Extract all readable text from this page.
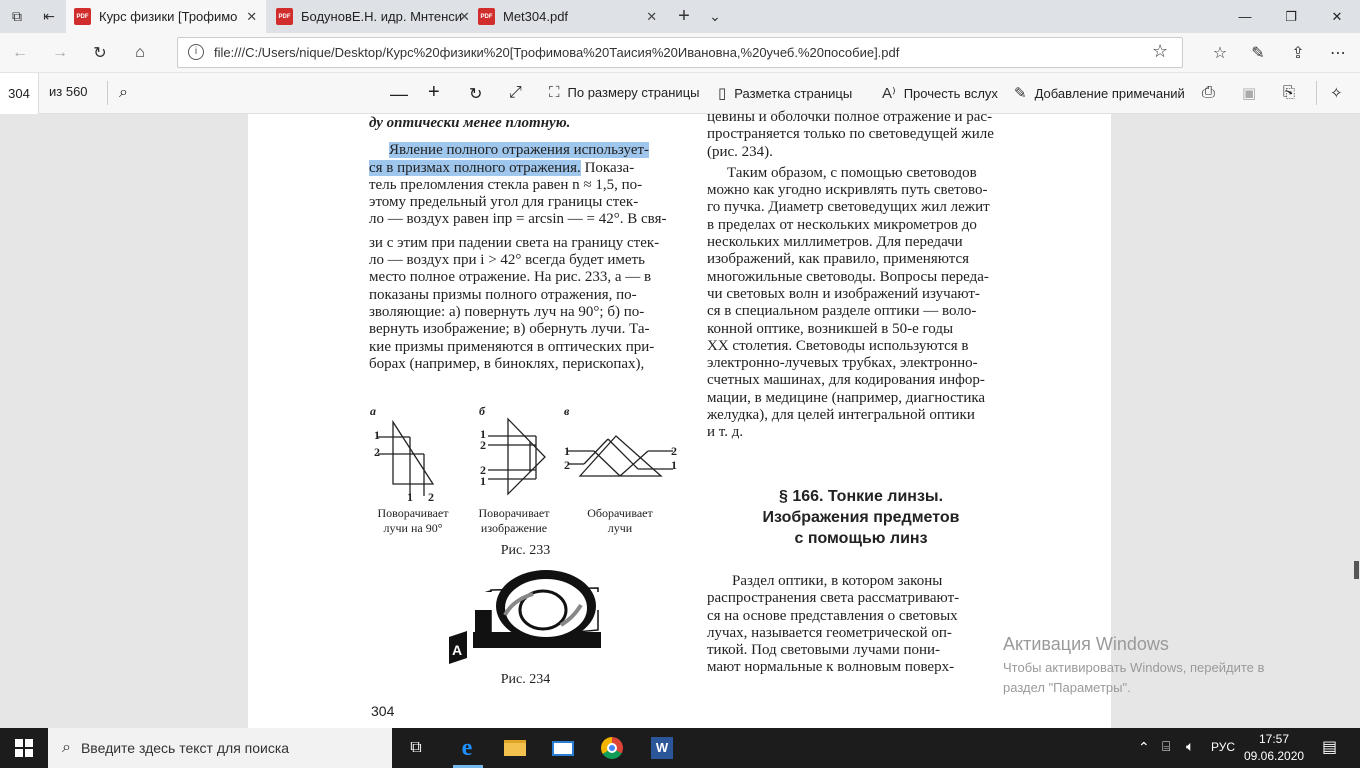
⧉ ⇤	PDF Курс физики [Трофимо ✕	PDF БодуновЕ.Н. идр. Мнтенси
✕	PDF Met304.pdf	✕ + ⌄	—	❐	✕
← →	↻	⌂	i	file:///C:/Users/nique/Desktop/Курс%20физики%20[Трофимова%20Таисия%20Ивановна,%20учеб.%20пособие].pdf	☆	☆	✎	⇪	⋯
304	из 560 ⌕	— + ↻ ⤢ ⛶ По размеру страницы ▯ Разметка страницы A⁾ Прочесть вслух ✎ Добавление примечаний ⎙ ▣ ⎘ ✧
ду оптически менее плотную.
Явление полного отражения использует-
ся в призмах полного отражения. Показа-
тель преломления стекла равен n ≈ 1,5, по-
этому предельный угол для границы стек-
ло — воздух равен iпр = arcsin — = 42°. В свя-
зи с этим при падении света на границу стек-
ло — воздух при i > 42° всегда будет иметь
место полное отражение. На рис. 233, а — в
показаны призмы полного отражения, по-
зволяющие: а) повернуть луч на 90°; б) по-
вернуть изображение; в) обернуть лучи. Та-
кие призмы применяются в оптических при-
борах (например, в биноклях, перископах),
а	б	в
1
2
1 2
1
2
2
1
1
2
2
1
Поворачивает
лучи на 90°
Поворачивает
изображение
Оборачивает
лучи
Рис. 233
A
Рис. 234
304
цевины и оболочки полное отражение и рас-
пространяется только по световедущей жиле
(рис. 234).
Таким образом, с помощью световодов
можно как угодно искривлять путь светово-
го пучка. Диаметр световедущих жил лежит
в пределах от нескольких микрометров до
нескольких миллиметров. Для передачи
изображений, как правило, применяются
многожильные световоды. Вопросы переда-
чи световых волн и изображений изучают-
ся в специальном разделе оптики — воло-
конной оптике, возникшей в 50-е годы
XX столетия. Световоды используются в
электронно-лучевых трубках, электронно-
счетных машинах, для кодирования инфор-
мации, в медицине (например, диагностика
желудка), для целей интегральной оптики
и т. д.
§ 166. Тонкие линзы.
Изображения предметов
с помощью линз
Раздел оптики, в котором законы
распространения света рассматривают-
ся на основе представления о световых
лучах, называется геометрической оп-
тикой. Под световыми лучами пони-
мают нормальные к волновым поверх-
Активация Windows
Чтобы активировать Windows, перейдите в
раздел "Параметры".
⌕ Введите здесь текст для поиска	⧉	e	W	⌃ ⌸ 🔈︎ РУС
17:57
09.06.2020 ▤
